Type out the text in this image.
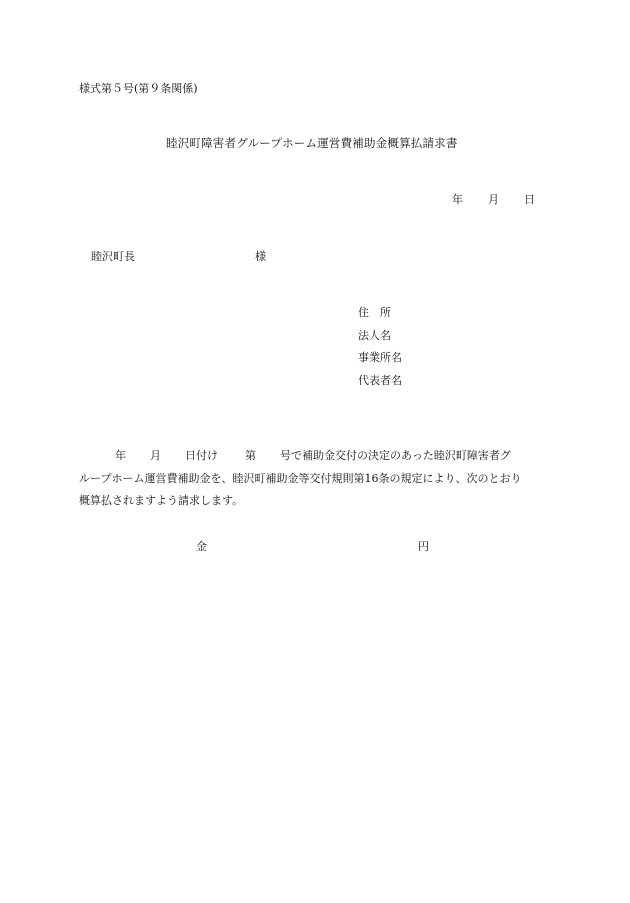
様式第５号(第９条関係)
睦沢町障害者グループホーム運営費補助金概算払請求書
年 月 日
睦沢町長	様
住 所
法人名
事業所名
代表者名
年 月 日付け 第 号で補助金交付の決定のあった睦沢町障害者グ
ループホーム運営費補助金を、睦沢町補助金等交付規則第16条の規定により、次のとおり
概算払されますよう請求します。
金	円
